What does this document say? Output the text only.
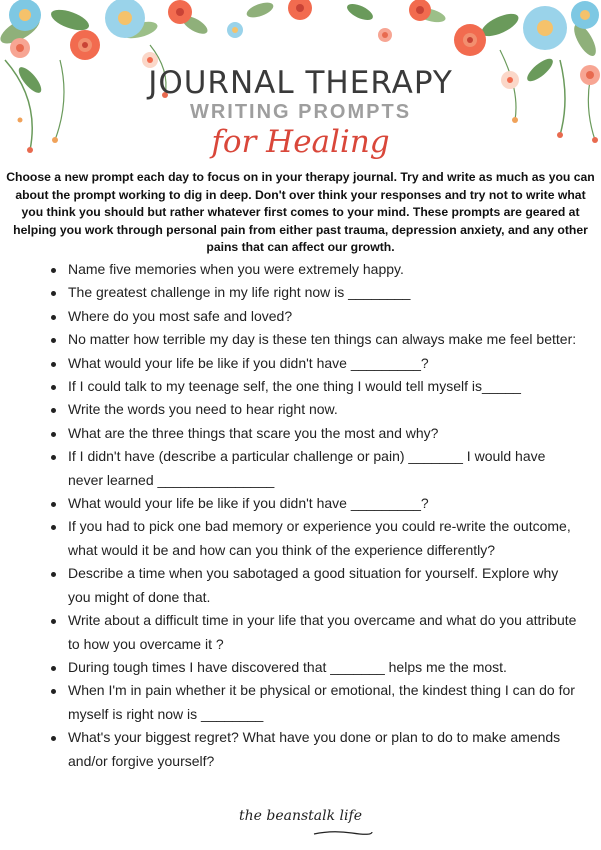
JOURNAL THERAPY
WRITING PROMPTS
for Healing
Choose a new prompt each day to focus on in your therapy journal. Try and write as much as you can about the prompt working to dig in deep. Don't over think your responses and try not to write what you think you should but rather whatever first comes to your mind. These prompts are geared at helping you work through personal pain from either past trauma, depression anxiety, and any other pains that can affect our growth.
Name five memories when you were extremely happy.
The greatest challenge in my life right now is ________
Where do you most safe and loved?
No matter how terrible my day is these ten things can always make me feel better:
What would your life be like if you didn't have _________?
If I could talk to my teenage self, the one thing I would tell myself is_____
Write the words you need to hear right now.
What are the three things that scare you the most and why?
If I didn't have (describe a particular challenge or pain) _______ I would have never learned _______________
What would your life be like if you didn't have _________?
If you had to pick one bad memory or experience you could re-write the outcome, what would it be and how can you think of the experience differently?
Describe a time when you sabotaged a good situation for yourself. Explore why you might of done that.
Write about a difficult time in your life that you overcame and what do you attribute to how you overcame it ?
During tough times I have discovered that _______ helps me the most.
When I'm in pain whether it be physical or emotional, the kindest thing I can do for myself is right now is ________
What's your biggest regret? What have you done or plan to do to make amends and/or forgive yourself?
the beanstalk life
